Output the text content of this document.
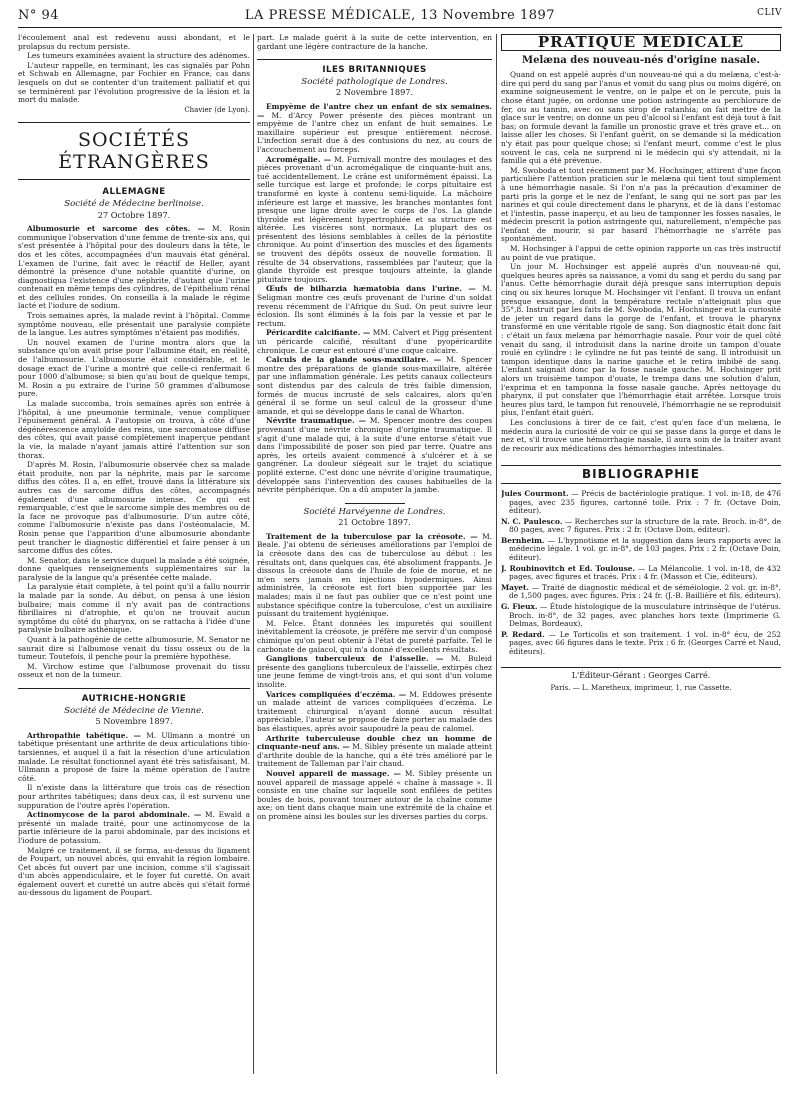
N° 94	LA PRESSE MÉDICALE, 13 Novembre 1897	CLIV

l'écoulement anal est redevenu aussi abondant, et le prolapsus du rectum persiste.

Les tumeurs examinées avaient la structure des adénomes.

L'auteur rappelle, en terminant, les cas signalés par Pohn et Schwab en Allemagne, par Fochier en France, cas dans lesquels on dut se contenter d'un traitement palliatif et qui se terminèrent par l'évolution progressive de la lésion et la mort du malade.

Chavier (de Lyon).
SOCIÉTÉS ÉTRANGÈRES
ALLEMAGNE
Société de Médecine berlinoise.
27 Octobre 1897.

Albumosurie et sarcome des côtes. — M. Rosin communique l'observation d'une femme de trente-six ans, qui s'est présentée à l'hôpital pour des douleurs dans la tête, le dos et les côtes, accompagnées d'un mauvais état général. L'examen de l'urine, fait avec le réactif de Heller, ayant démontré la présence d'une notable quantité d'urine, on diagnostiqua l'existence d'une néphrite, d'autant que l'urine contenait en même temps des cylindres, de l'épithélium rénal et des cellules rondes. On conseilla à la malade le régime lacté et l'iodure de sodium.

Trois semaines après, la malade revint à l'hôpital. Comme symptôme nouveau, elle présentait une paralysie complète de la langue. Les autres symptômes n'étaient pas modifiés.

Un nouvel examen de l'urine montra alors que la substance qu'on avait prise pour l'albumine était, en réalité, de l'albumosurie. L'albumosurie était considérable, et le dosage exact de l'urine a montré que celle-ci renfermait 6 pour 1000 d'albumose; si bien qu'au bout de quelque temps, M. Rosin a pu extraire de l'urine 50 grammes d'albumose pure.

La malade succomba, trois semaines après son entrée à l'hôpital, à une pneumonie terminale, venue compliquer l'épuisement général. A l'autopsie on trouva, à côté d'une dégénérescence amyloïde des reins, une sarcomatose diffuse des côtes, qui avait passé complètement inaperçue pendant la vie, la malade n'ayant jamais attiré l'attention sur son thorax.

D'après M. Rosin, l'albumosurie observée chez sa malade était produite, non par la néphrite, mais par le sarcome diffus des côtes. Il a, en effet, trouvé dans la littérature six autres cas de sarcome diffus des côtes, accompagnés également d'une albumosurie intense. Ce qui est remarquable, c'est que le sarcome simple des membres ou de la face ne provoque pas d'albumosurie. D'un autre côté, comme l'albumosurie n'existe pas dans l'ostéomalacie, M. Rosin pense que l'apparition d'une albumosurie abondante peut trancher le diagnostic différentiel et faire penser à un sarcome diffus des côtes.

M. Senator, dans le service duquel la malade a été soignée, donne quelques renseignements supplémentaires sur la paralysie de la langue qu'a présentée cette malade.

La paralysie était complète, à tel point qu'il a fallu nourrir la malade par la sonde. Au début, on pensa à une lésion bulbaire; mais comme il n'y avait pas de contractions fibrillaires ni d'atrophie, et qu'on ne trouvait aucun symptôme du côté du pharynx, on se rattacha à l'idée d'une paralysie bulbaire asthénique.

Quant à la pathogénie de cette albumosurie, M. Senator ne saurait dire si l'albumose venait du tissu osseux ou de la tumeur. Toutefois, il penche pour la première hypothèse.

M. Virchow estime que l'albumose provenait du tissu osseux et non de la tumeur.

AUTRICHE-HONGRIE
Société de Médecine de Vienne.
5 Novembre 1897.

Arthropathie tabétique. — M. Ullmann a montré un tabétique présentant une arthrite de deux articulations tibio-tarsiennes, et auquel il a fait la résection d'une articulation malade. Le résultat fonctionnel ayant été très satisfaisant, M. Ullmann a proposé de faire la même opération de l'autre côté.

Il n'existe dans la littérature que trois cas de résection pour arthrites tabétiques; dans deux cas, il est survenu une suppuration de l'outre après l'opération.

Actinomycose de la paroi abdominale. — M. Ewald a présenté un malade traité, pour une actinomycose de la partie inférieure de la paroi abdominale, par des incisions et l'iodure de potassium.

Malgré ce traitement, il se forma, au-dessus du ligament de Poupart, un nouvel abcès, qui envahit la région lombaire. Cet abcès fut ouvert par une incision, comme s'il s'agissait d'un abcès appendiculaire, et le foyer fut curetté. On avait également ouvert et curetté un autre abcès qui s'était formé au-dessous du ligament de Poupart.

part. Le malade guérit à la suite de cette intervention, en gardant une légère contracture de la hanche.

ILES BRITANNIQUES
Société pathologique de Londres.
2 Novembre 1897.

Empyème de l'antre chez un enfant de six semaines. — M. d'Arcy Power présente des pièces montrant un empyème de l'antre chez un enfant de huit semaines. Le maxillaire supérieur est presque entièrement nécrosé. L'infection serait due à des contusions du nez, au cours de l'accouchement au forceps.

Acromégalie. — M. Furnivall montre des moulages et des pièces provenant d'un acromégalique de cinquante-huit ans, tué accidentellement. Le crâne est uniformément épaissi. La selle turcique est large et profonde; le corps pituitaire est transformé en kyste à contenu semi-liquide. La mâchoire inférieure est large et massive, les branches montantes font presque une ligne droite avec le corps de l'os. La glande thyroïde est légèrement hypertrophiée et sa structure est altérée. Les viscères sont normaux. La plupart des os présentent des lésions semblables à celles de la périostite chronique. Au point d'insertion des muscles et des ligaments se trouvent des dépôts osseux de nouvelle formation. Il résulte de 34 observations, rassemblées par l'auteur, que la glande thyroïde est presque toujours atteinte, la glande pituitaire toujours.

Œufs de bilharzia hæmatobia dans l'urine. — M. Seligman montre ces œufs provenant de l'urine d'un soldat revenu récemment de l'Afrique du Sud. On peut suivre leur éclosion. Ils sont éliminés à la fois par la vessie et par le rectum.

Péricardite calcifiante. — MM. Calvert et Pigg présentent un péricarde calcifié, résultant d'une pyopéricardite chronique. Le cœur est entouré d'une coque calcaire.

Calculs de la glande sous-maxillaire. — M. Spencer montre des préparations de glande sous-maxillaire, altérée par une inflammation générale. Les petits canaux collecteurs sont distendus par des calculs de très faible dimension, formés de mucus incrusté de sels calcaires, alors qu'en général il se forme un seul calcul de la grosseur d'une amande, et qui se développe dans le canal de Wharton.

Névrite traumatique. — M. Spencer montre des coupes provenant d'une névrite chronique d'origine traumatique. Il s'agit d'une malade qui, à la suite d'une entorse s'était vue dans l'impossibilité de poser son pied par terre. Quatre ans après, les orteils avaient commencé à s'ulcérer et à se gangréner. La douleur siégeait sur le trajet du sciatique poplité externe. C'est donc une névrite d'origine traumatique, développée sans l'intervention des causes habituelles de la névrite périphérique. On a dû amputer la jambe.

Société Harvéyenne de Londres.
21 Octobre 1897.

Traitement de la tuberculose par la créosote. — M. Beale. J'ai obtenu de sérieuses améliorations par l'emploi de la créosote dans des cas de tuberculose au début : les résultats ont, dans quelques cas, été absolument frappants. Je dissous la créosote dans de l'huile de foie de morue, et ne m'en sers jamais en injections hypodermiques. Ainsi administrée, la créosote est fort bien supportée par les malades; mais il ne faut pas oublier que ce n'est point une substance spécifique contre la tuberculose, c'est un auxiliaire puissant du traitement hygiénique.

M. Felce. Étant données les impuretés qui souillent inévitablement la créosote, je préfère me servir d'un composé chimique qu'on peut obtenir à l'état de pureté parfaite. Tel le carbonate de gaïacol, qui m'a donné d'excellents résultats.

Ganglions tuberculeux de l'aisselle. — M. Buleid présente des ganglions tuberculeux de l'aisselle, extirpés chez une jeune femme de vingt-trois ans, et qui sont d'un volume insolite.

Varices compliquées d'eczéma. — M. Eddowes présente un malade atteint de varices compliquées d'eczéma. Le traitement chirurgical n'ayant donné aucun résultat appréciable, l'auteur se propose de faire porter au malade des bas élastiques, après avoir saupoudré la peau de calomel.

Arthrite tuberculeuse double chez un homme de cinquante-neuf ans. — M. Sibley présente un malade atteint d'arthrite double de la hanche, qui a été très amélioré par le traitement de Talleman par l'air chaud.

Nouvel appareil de massage. — M. Sibley présente un nouvel appareil de massage appelé « chaîne à massage ». Il consiste en une chaîne sur laquelle sont enfilées de petites boules de bois, pouvant tourner autour de la chaîne comme axe; on tient dans chaque main une extrémité de la chaîne et on promène ainsi les boules sur les diverses parties du corps.

PRATIQUE MÉDICALE
Melæna des nouveau-nés d'origine nasale.

Quand on est appelé auprès d'un nouveau-né qui a du melæna, c'est-à-dire qui perd du sang par l'anus et vomit du sang plus ou moins digéré, on examine soigneusement le ventre, on le palpe et on le percute, puis la chose étant jugée, on ordonne une potion astringente au perchlorure de fer, ou au tannin, avec ou sans sirop de ratanhia; on fait mettre de la glace sur le ventre; on donne un peu d'alcool si l'enfant est déjà tout à fait bas; on formule devant la famille un pronostic grave et très grave et... on laisse aller les choses. Si l'enfant guérit, on se demande si la médication n'y était pas pour quelque chose; si l'enfant meurt, comme c'est le plus souvent le cas, cela ne surprend ni le médecin qui s'y attendait, ni la famille qui a été prévenue.

M. Swoboda et tout récemment par M. Hochsinger, attirent d'une façon particulière l'attention praticien sur le melæna qui tient tout simplement à une hémorrhagie nasale. Si l'on n'a pas la précaution d'examiner de parti pris la gorge et le nez de l'enfant, le sang qui ne sort pas par les narines et qui coule directement dans le pharynx, et de là dans l'estomac et l'intestin, passe inaperçu, et au lieu de tamponner les fosses nasales, le médecin prescrit la potion astringente qui, naturellement, n'empêche pas l'enfant de mourir, si par hasard l'hémorrhagie ne s'arrête pas spontanément.

M. Hochsinger à l'appui de cette opinion rapporte un cas très instructif au point de vue pratique.

Un jour M. Hochsinger est appelé auprès d'un nouveau-né qui, quelques heures après sa naissance, a vomi du sang et perdu du sang par l'anus. Cette hémorrhagie durait déjà presque sans interruption depuis cinq ou six heures lorsque M. Hochsinger vit l'enfant. Il trouva un enfant presque exsangue, dont la température rectale n'atteignait plus que 35°,8. Instruit par les faits de M. Swoboda, M. Hochsinger eut la curiosité de jeter un regard dans la gorge de l'enfant, et trouva le pharynx transformé en une véritable rigole de sang. Son diagnostic était donc fait : c'était un faux melæna par hémorrhagie nasale. Pour voir de quel côté venait du sang, il introduisit dans la narine droite un tampon d'ouate roulé en cylindre : le cylindre ne fut pas teinté de sang. Il introduisit un tampon identique dans la narine gauche et le retira imbibé de sang. L'enfant saignait donc par la fosse nasale gauche. M. Hochsinger prit alors un troisième tampon d'ouate, le trempa dans une solution d'alun, l'exprima et en tamponna la fosse nasale gauche. Après nettoyage du pharynx, il put constater que l'hémorrhagie était arrêtée. Lorsque trois heures plus tard, le tampon fut renouvelé, l'hémorrhagie ne se reproduisit plus, l'enfant était guéri.

Les conclusions à tirer de ce fait, c'est qu'en face d'un melæna, le médecin aura la curiosité de voir ce qui se passe dans la gorge et dans le nez et, s'il trouve une hémorrhagie nasale, il aura soin de la traiter avant de recourir aux médications des hémorrhagies intestinales.

BIBLIOGRAPHIE

Jules Courmont. — Précis de bactériologie pratique. 1 vol. in-18, de 476 pages, avec 235 figures, cartonné toile. Prix : 7 fr. (Octave Doin, éditeur).

N. C. Paulesco. — Recherches sur la structure de la rate. Broch. in-8°, de 80 pages, avec 7 figures. Prix : 2 fr. (Octave Doin, éditeur).

Bernheim. — L'hypnotisme et la suggestion dans leurs rapports avec la médecine légale. 1 vol. gr. in-8°, de 103 pages. Prix : 2 fr. (Octave Doin, éditeur).

J. Roubinovitch et Ed. Toulouse. — La Mélancolie. 1 vol. in-18, de 432 pages, avec figures et tracés. Prix : 4 fr. (Masson et Cie, éditeurs).

Mayet. — Traité de diagnostic médical et de séméiologie. 2 vol. gr. in-8°, de 1,500 pages, avec figures. Prix : 24 fr. (J.-B. Baillière et fils, éditeurs).

G. Fieux. — Étude histologique de la musculature intrinsèque de l'utérus. Broch. in-8°, de 32 pages, avec planches hors texte (Imprimerie G. Delmas, Bordeaux).

P. Redard. — Le Torticolis et son traitement. 1 vol. in-8° écu, de 252 pages, avec 66 figures dans le texte. Prix : 6 fr. (Georges Carré et Naud, éditeurs).

L'Éditeur-Gérant : Georges Carré.
Paris. — L. Maretheux, imprimeur, 1, rue Cassette.
